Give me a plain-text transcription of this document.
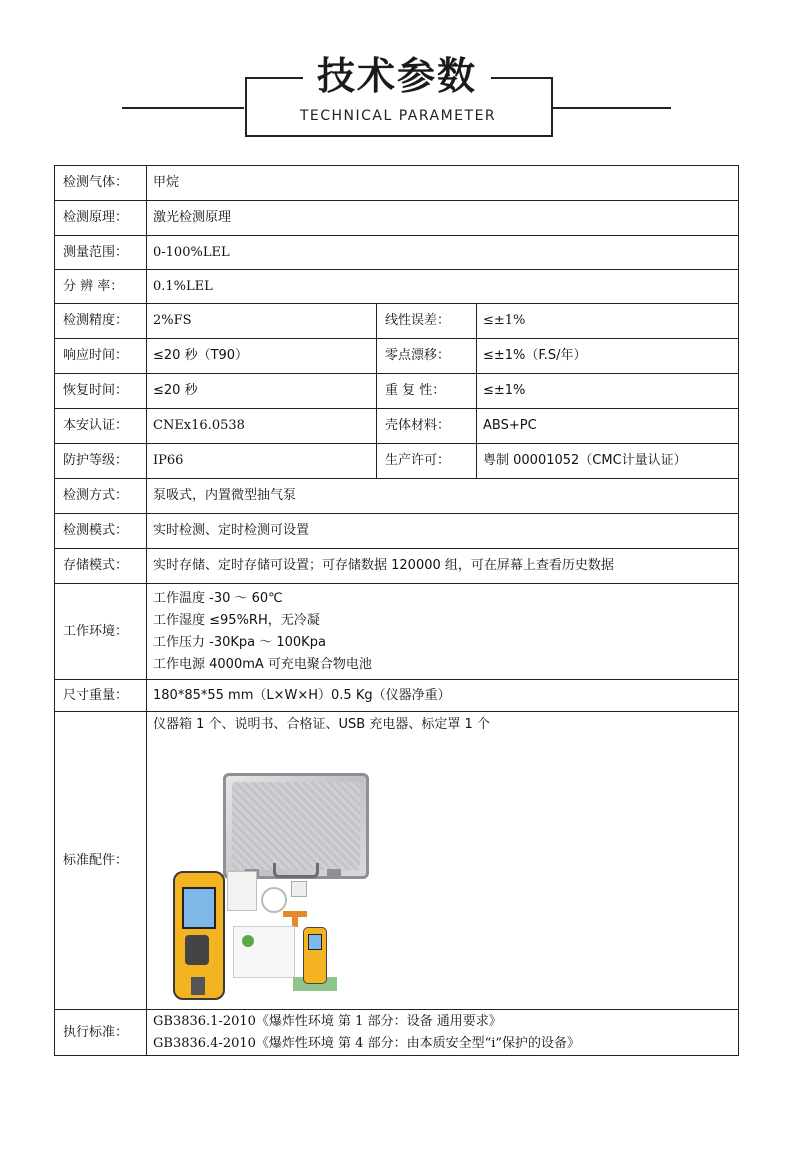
技术参数
TECHNICAL PARAMETER
检测气体：	甲烷		
检测原理：	激光检测原理		
测量范围：	0-100%LEL		
分 辨 率：	0.1%LEL		
检测精度：	2%FS	线性误差：	≤±1%
响应时间：	≤20 秒（T90）	零点漂移：	≤±1%（F.S/年）
恢复时间：	≤20 秒	重 复 性：	≤±1%
本安认证：	CNEx16.0538	壳体材料：	ABS+PC
防护等级：	IP66	生产许可：	粤制 00001052（CMC计量认证）
检测方式：	泵吸式，内置微型抽气泵		
检测模式：	实时检测、定时检测可设置		
存储模式：	实时存储、定时存储可设置；可存储数据 120000 组，可在屏幕上查看历史数据		
工作环境：	工作温度 -30 ～ 60℃
工作湿度 ≤95%RH，无冷凝
工作压力 -30Kpa ～ 100Kpa
工作电源 4000mA 可充电聚合物电池		

尺寸重量：	180*85*55 mm（L×W×H）0.5 Kg（仪器净重）		
标准配件：	仪器箱 1 个、说明书、合格证、USB 充电器、标定罩 1 个		

执行标准：	GB3836.1-2010《爆炸性环境 第 1 部分：设备 通用要求》
GB3836.4-2010《爆炸性环境 第 4 部分：由本质安全型“i”保护的设备》		
